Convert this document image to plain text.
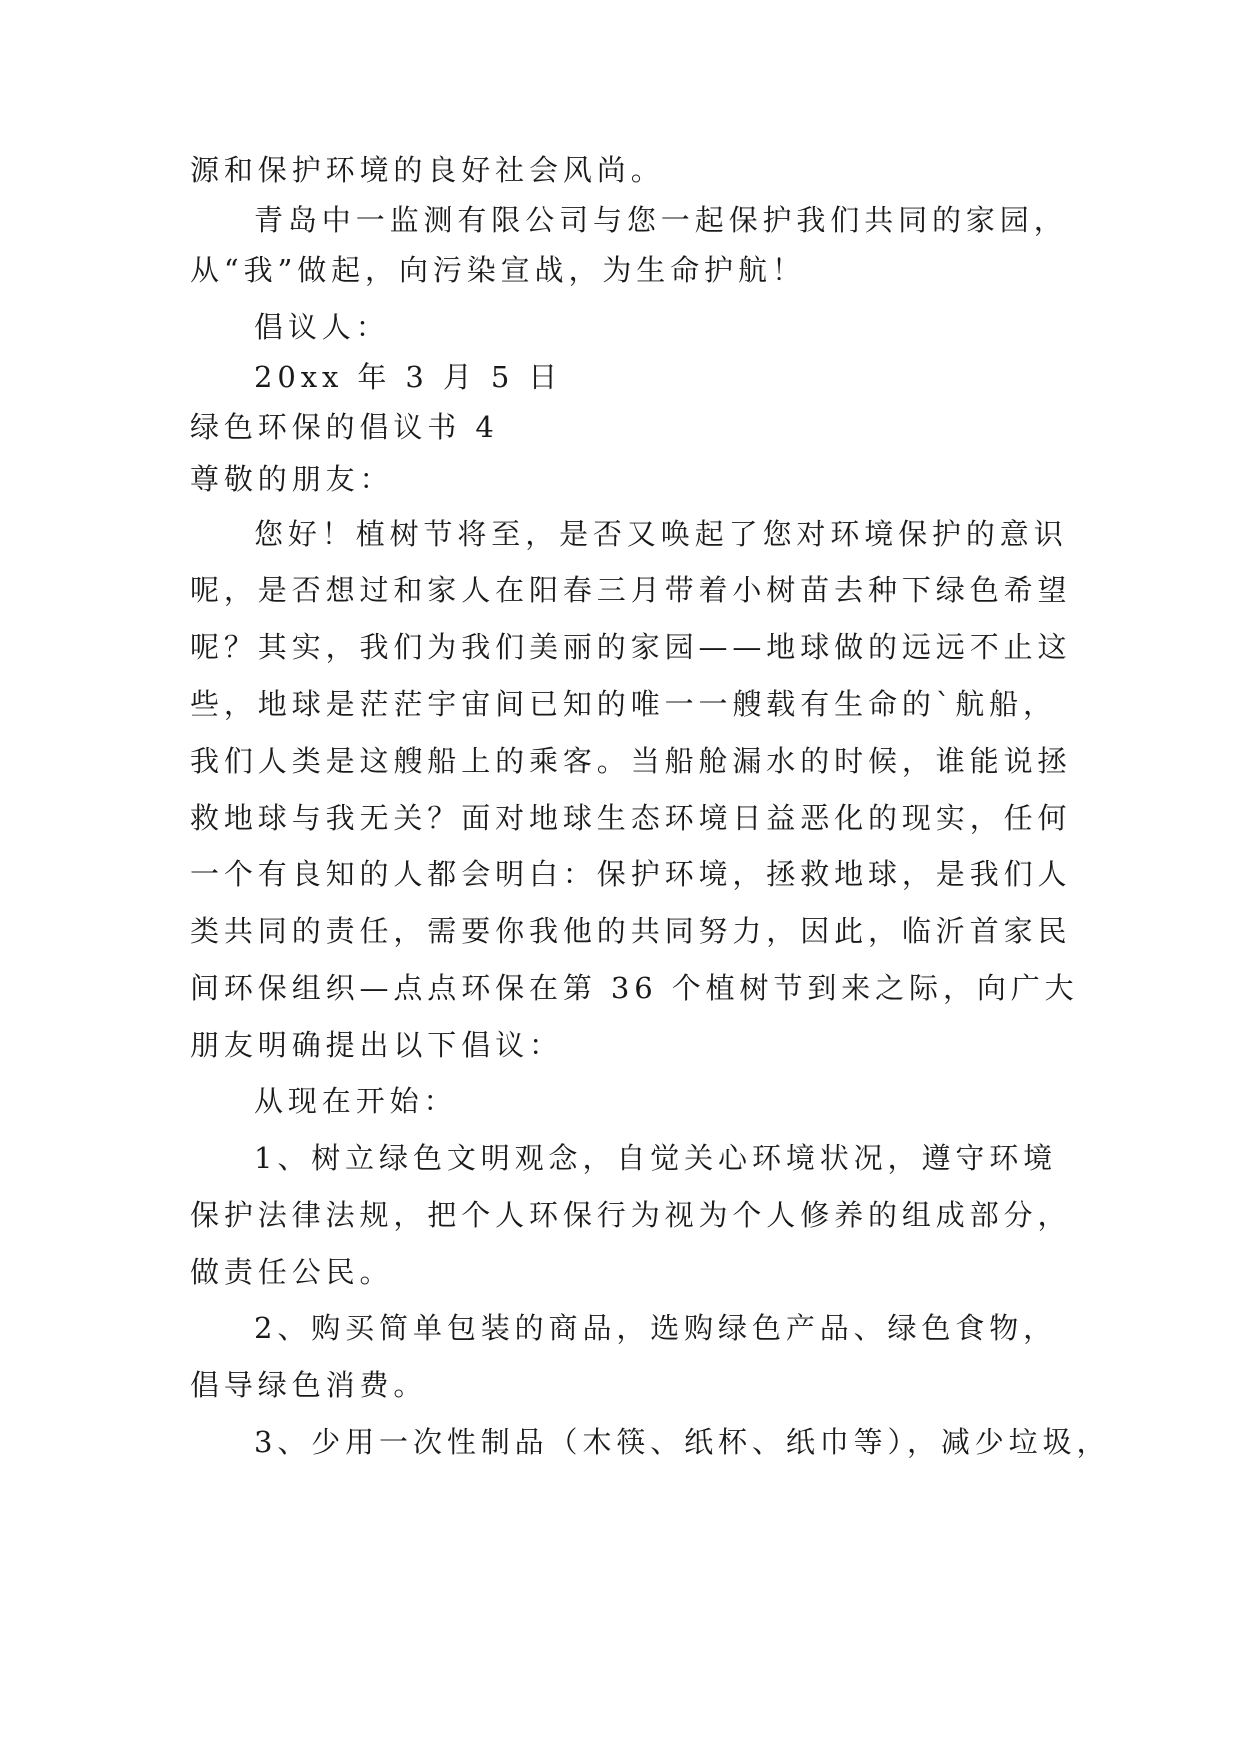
源和保护环境的良好社会风尚。
青岛中一监测有限公司与您一起保护我们共同的家园，
从“我”做起，向污染宣战，为生命护航！
倡议人：
20xx 年 3 月 5 日
绿色环保的倡议书 4
尊敬的朋友：
您好！植树节将至，是否又唤起了您对环境保护的意识
呢，是否想过和家人在阳春三月带着小树苗去种下绿色希望
呢？其实，我们为我们美丽的家园——地球做的远远不止这
些，地球是茫茫宇宙间已知的唯一一艘载有生命的`航船，
我们人类是这艘船上的乘客。当船舱漏水的时候，谁能说拯
救地球与我无关？面对地球生态环境日益恶化的现实，任何
一个有良知的人都会明白：保护环境，拯救地球，是我们人
类共同的责任，需要你我他的共同努力，因此，临沂首家民
间环保组织—点点环保在第 36 个植树节到来之际，向广大
朋友明确提出以下倡议：
从现在开始：
1、树立绿色文明观念，自觉关心环境状况，遵守环境
保护法律法规，把个人环保行为视为个人修养的组成部分，
做责任公民。
2、购买简单包装的商品，选购绿色产品、绿色食物，
倡导绿色消费。
3、少用一次性制品（木筷、纸杯、纸巾等），减少垃圾，
